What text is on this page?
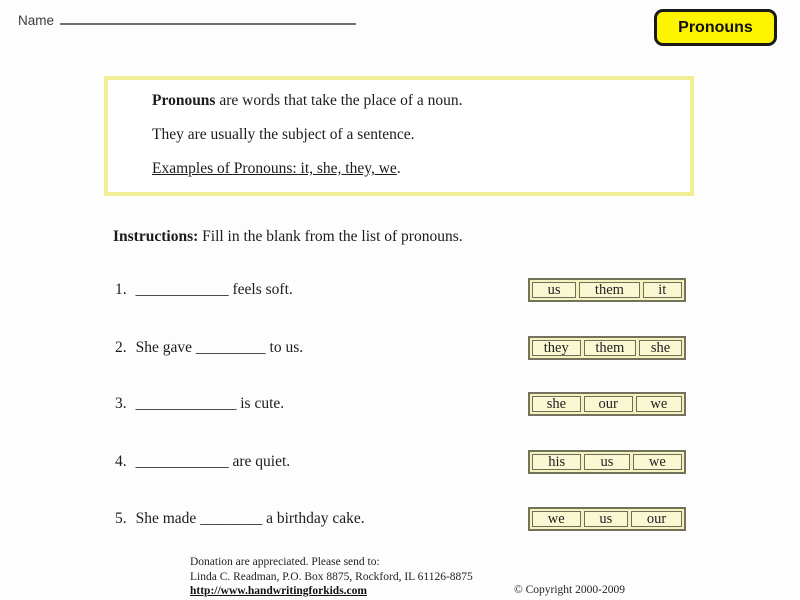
Name	Pronouns

Pronouns are words that take the place of a noun.

They are usually the subject of a sentence.

Examples of Pronouns: it, she, they, we.

Instructions: Fill in the blank from the list of pronouns.
1. ____________ feels soft.	us	them	it
2. She gave _________ to us.	they	them	she
3. _____________ is cute.	she	our	we
4. ____________ are quiet.	his	us	we
5. She made ________ a birthday cake.	we	us	our
Donation are appreciated. Please send to:
Linda C. Readman, P.O. Box 8875, Rockford, IL 61126-8875
http://www.handwritingforkids.com	© Copyright 2000-2009
